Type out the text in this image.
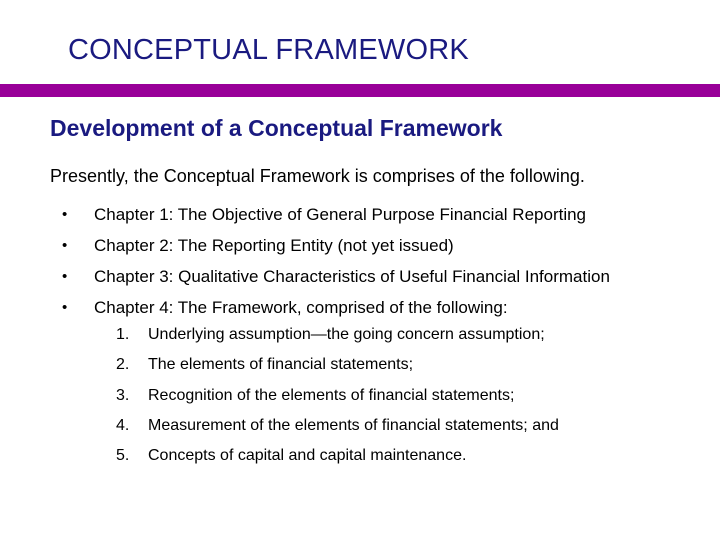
CONCEPTUAL FRAMEWORK
Development of a Conceptual Framework
Presently, the Conceptual Framework is comprises of the following.
•	Chapter 1: The Objective of General Purpose Financial Reporting
•	Chapter 2: The Reporting Entity (not yet issued)
•	Chapter 3: Qualitative Characteristics of Useful Financial Information
•	Chapter 4: The Framework, comprised of the following:
1.	Underlying assumption—the going concern assumption;
2.	The elements of financial statements;
3.	Recognition of the elements of financial statements;
4.	Measurement of the elements of financial statements; and
5.	Concepts of capital and capital maintenance.
